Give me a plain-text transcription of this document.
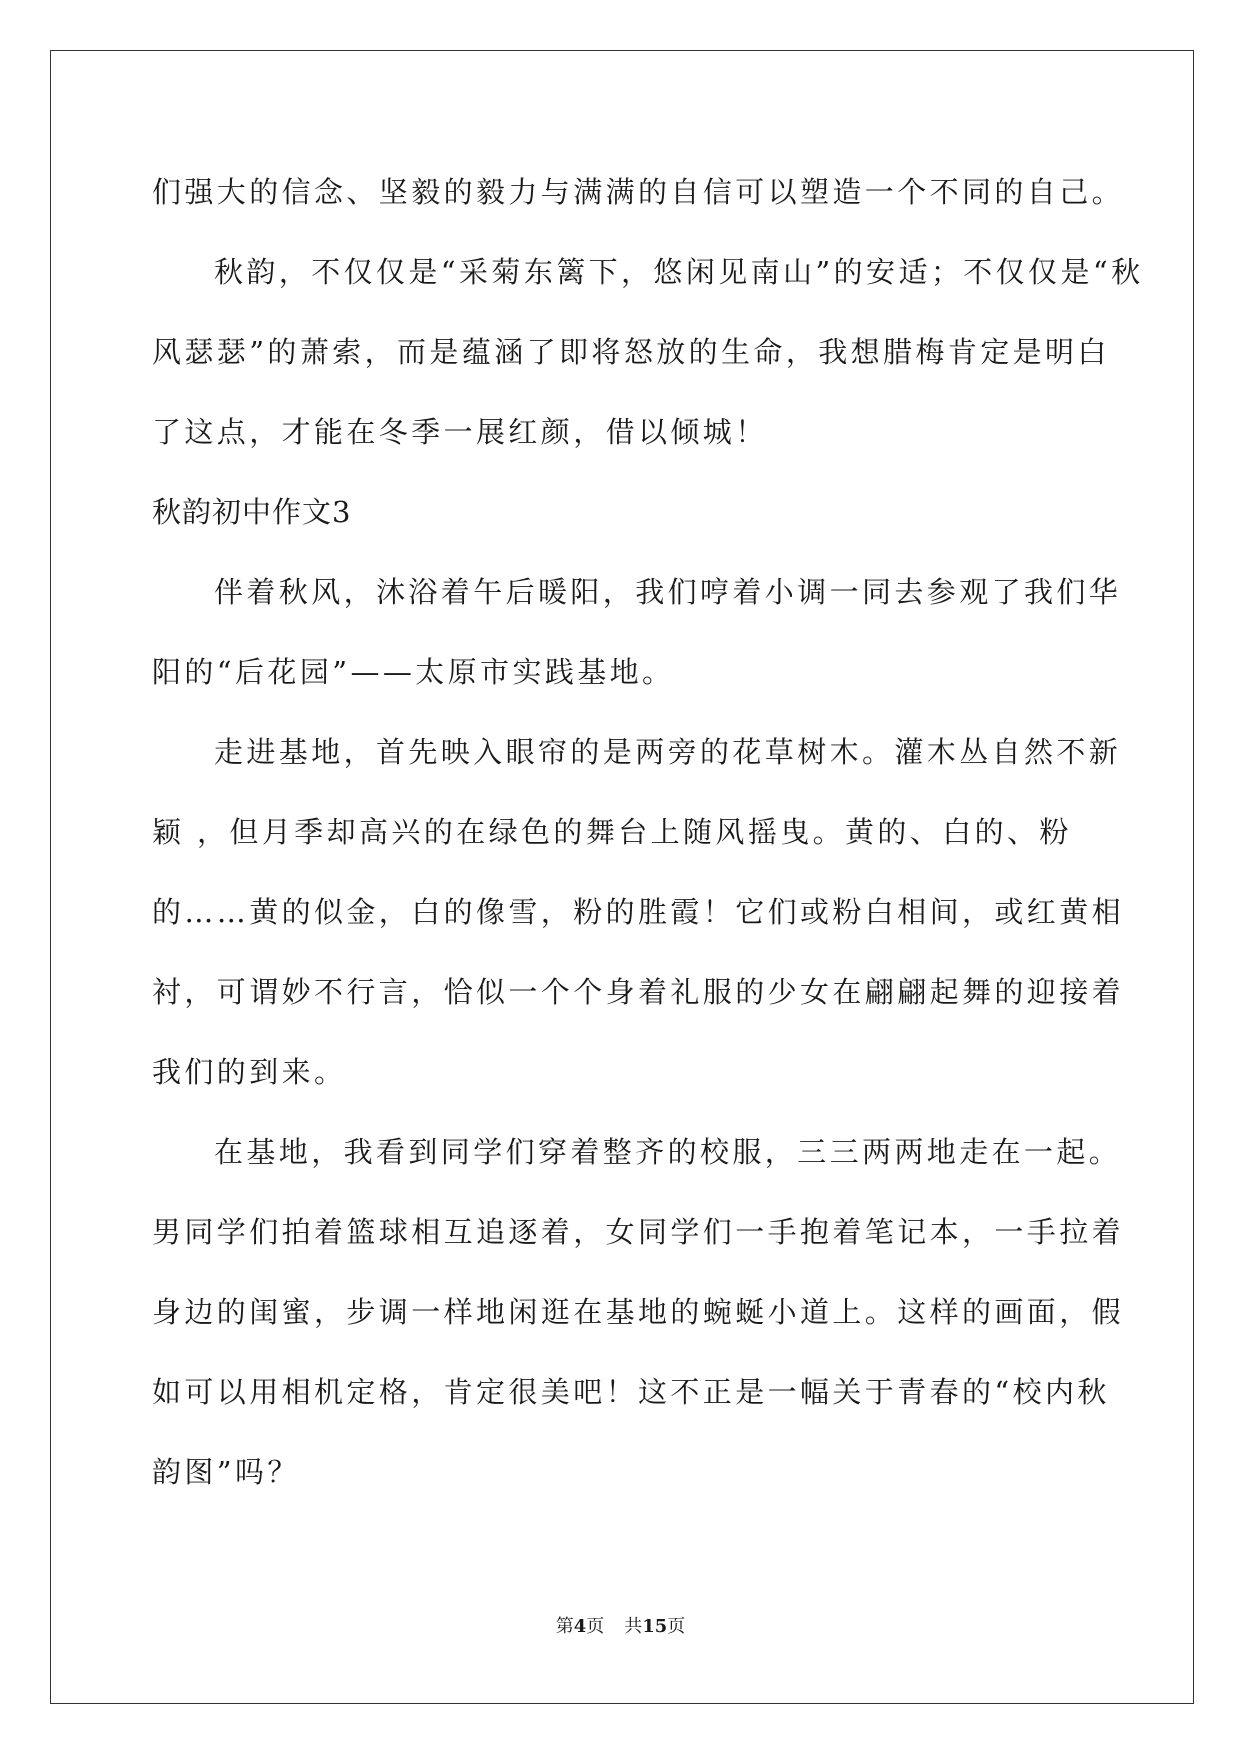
们强大的信念、坚毅的毅力与满满的自信可以塑造一个不同的自己。

秋韵，不仅仅是“采菊东篱下，悠闲见南山”的安适；不仅仅是“秋

风瑟瑟”的萧索，而是蕴涵了即将怒放的生命，我想腊梅肯定是明白

了这点，才能在冬季一展红颜，借以倾城！

秋韵初中作文3

伴着秋风，沐浴着午后暖阳，我们哼着小调一同去参观了我们华

阳的“后花园”——太原市实践基地。

走进基地，首先映入眼帘的是两旁的花草树木。灌木丛自然不新

颖 ，但月季却高兴的在绿色的舞台上随风摇曳。黄的、白的、粉

的……黄的似金，白的像雪，粉的胜霞！它们或粉白相间，或红黄相

衬，可谓妙不行言，恰似一个个身着礼服的少女在翩翩起舞的迎接着

我们的到来。

在基地，我看到同学们穿着整齐的校服，三三两两地走在一起。

男同学们拍着篮球相互追逐着，女同学们一手抱着笔记本，一手拉着

身边的闺蜜，步调一样地闲逛在基地的蜿蜒小道上。这样的画面，假

如可以用相机定格，肯定很美吧！这不正是一幅关于青春的“校内秋

韵图”吗？

第4页 共15页
